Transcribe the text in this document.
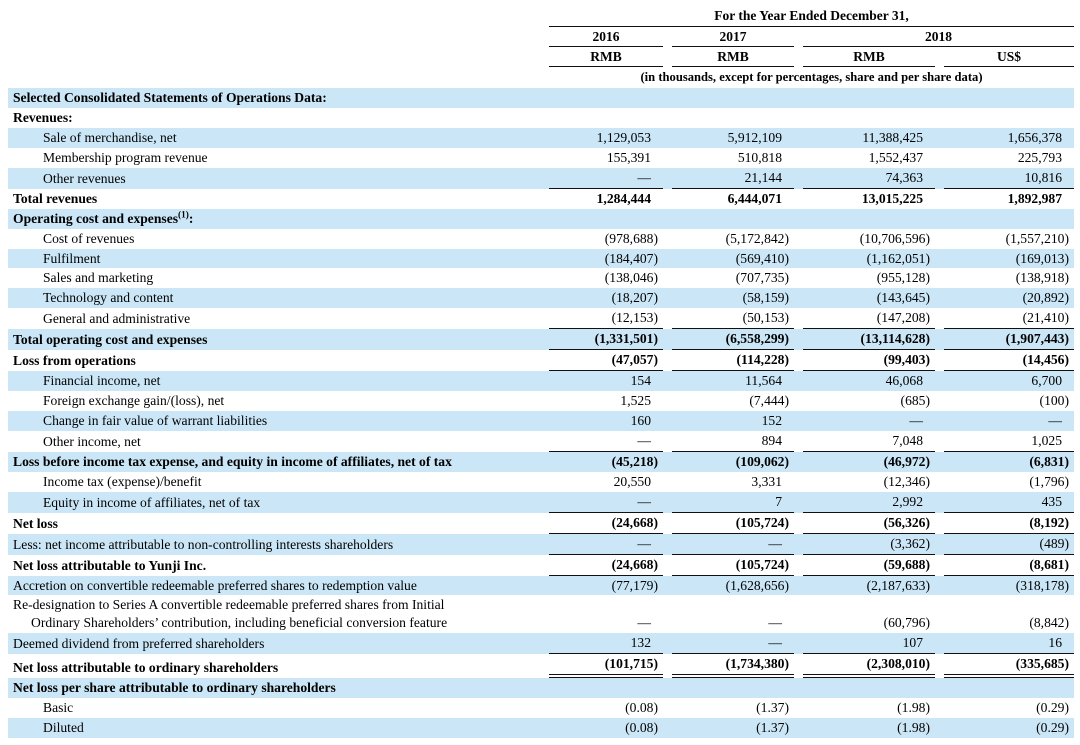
For the Year Ended December 31,
2016	2017	2018
RMB	RMB	RMB	US$
(in thousands, except for percentages, share and per share data)
Selected Consolidated Statements of Operations Data:
Revenues:
Sale of merchandise, net	1,129,053	5,912,109	11,388,425	1,656,378
Membership program revenue	155,391	510,818	1,552,437	225,793
Other revenues	—	21,144	74,363	10,816
Total revenues	1,284,444	6,444,071	13,015,225	1,892,987
Operating cost and expenses$^{(1)}$:
Cost of revenues	(978,688)	(5,172,842)	(10,706,596)	(1,557,210)
Fulfilment	(184,407)	(569,410)	(1,162,051)	(169,013)
Sales and marketing	(138,046)	(707,735)	(955,128)	(138,918)
Technology and content	(18,207)	(58,159)	(143,645)	(20,892)
General and administrative	(12,153)	(50,153)	(147,208)	(21,410)
Total operating cost and expenses	(1,331,501)	(6,558,299)	(13,114,628)	(1,907,443)
Loss from operations	(47,057)	(114,228)	(99,403)	(14,456)
Financial income, net	154	11,564	46,068	6,700
Foreign exchange gain/(loss), net	1,525	(7,444)	(685)	(100)
Change in fair value of warrant liabilities	160	152	—	—
Other income, net	—	894	7,048	1,025
Loss before income tax expense, and equity in income of affiliates, net of tax	(45,218)	(109,062)	(46,972)	(6,831)
Income tax (expense)/benefit	20,550	3,331	(12,346)	(1,796)
Equity in income of affiliates, net of tax	—	7	2,992	435
Net loss	(24,668)	(105,724)	(56,326)	(8,192)
Less: net income attributable to non-controlling interests shareholders	—	—	(3,362)	(489)
Net loss attributable to Yunji Inc.	(24,668)	(105,724)	(59,688)	(8,681)
Accretion on convertible redeemable preferred shares to redemption value	(77,179)	(1,628,656)	(2,187,633)	(318,178)
Re-designation to Series A convertible redeemable preferred shares from Initial
Ordinary Shareholders’ contribution, including beneficial conversion feature	—	—	(60,796)	(8,842)
Deemed dividend from preferred shareholders	132	—	107	16
Net loss attributable to ordinary shareholders	(101,715)	(1,734,380)	(2,308,010)	(335,685)
Net loss per share attributable to ordinary shareholders
Basic	(0.08)	(1.37)	(1.98)	(0.29)
Diluted	(0.08)	(1.37)	(1.98)	(0.29)
